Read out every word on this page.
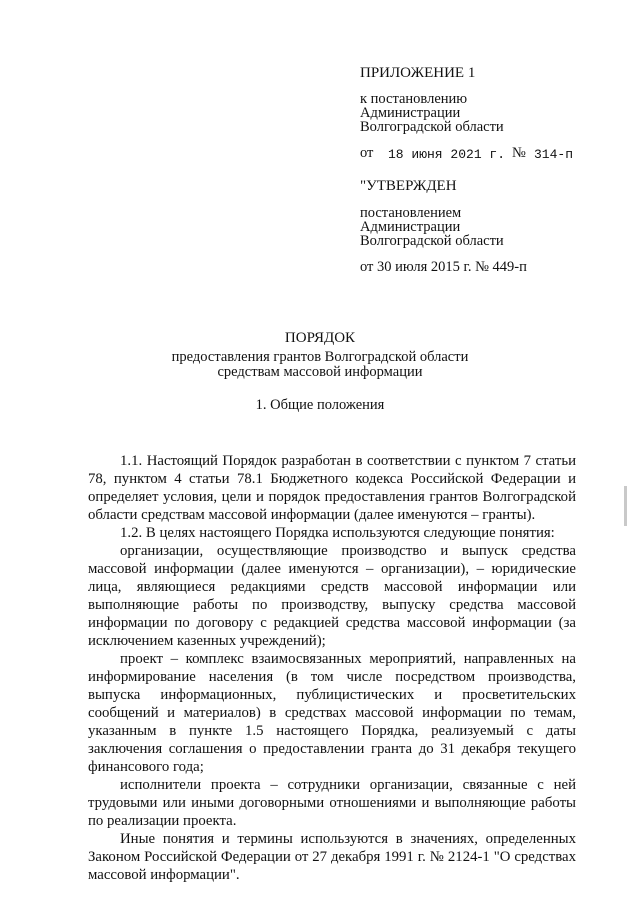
ПРИЛОЖЕНИЕ 1
к постановлению
Администрации
Волгоградской области
от 18 июня 2021 г. № 314-п
"УТВЕРЖДЕН
постановлением
Администрации
Волгоградской области
от 30 июля 2015 г. № 449-п
ПОРЯДОК
предоставления грантов Волгоградской области
средствам массовой информации
1. Общие положения

1.1. Настоящий Порядок разработан в соответствии с пунктом 7 статьи 78, пунктом 4 статьи 78.1 Бюджетного кодекса Российской Федерации и определяет условия, цели и порядок предоставления грантов Волгоградской области средствам массовой информации (далее именуются – гранты).

1.2. В целях настоящего Порядка используются следующие понятия:

организации, осуществляющие производство и выпуск средства массовой информации (далее именуются – организации), – юридические лица, являющиеся редакциями средств массовой информации или выполняющие работы по производству, выпуску средства массовой информации по договору с редакцией средства массовой информации (за исключением казенных учреждений);

проект – комплекс взаимосвязанных мероприятий, направленных на информирование населения (в том числе посредством производства, выпуска информационных, публицистических и просветительских сообщений и материалов) в средствах массовой информации по темам, указанным в пункте 1.5 настоящего Порядка, реализуемый с даты заключения соглашения о предоставлении гранта до 31 декабря текущего финансового года;

исполнители проекта – сотрудники организации, связанные с ней трудовыми или иными договорными отношениями и выполняющие работы по реализации проекта.

Иные понятия и термины используются в значениях, определенных Законом Российской Федерации от 27 декабря 1991 г. № 2124-1 "О средствах массовой информации".
